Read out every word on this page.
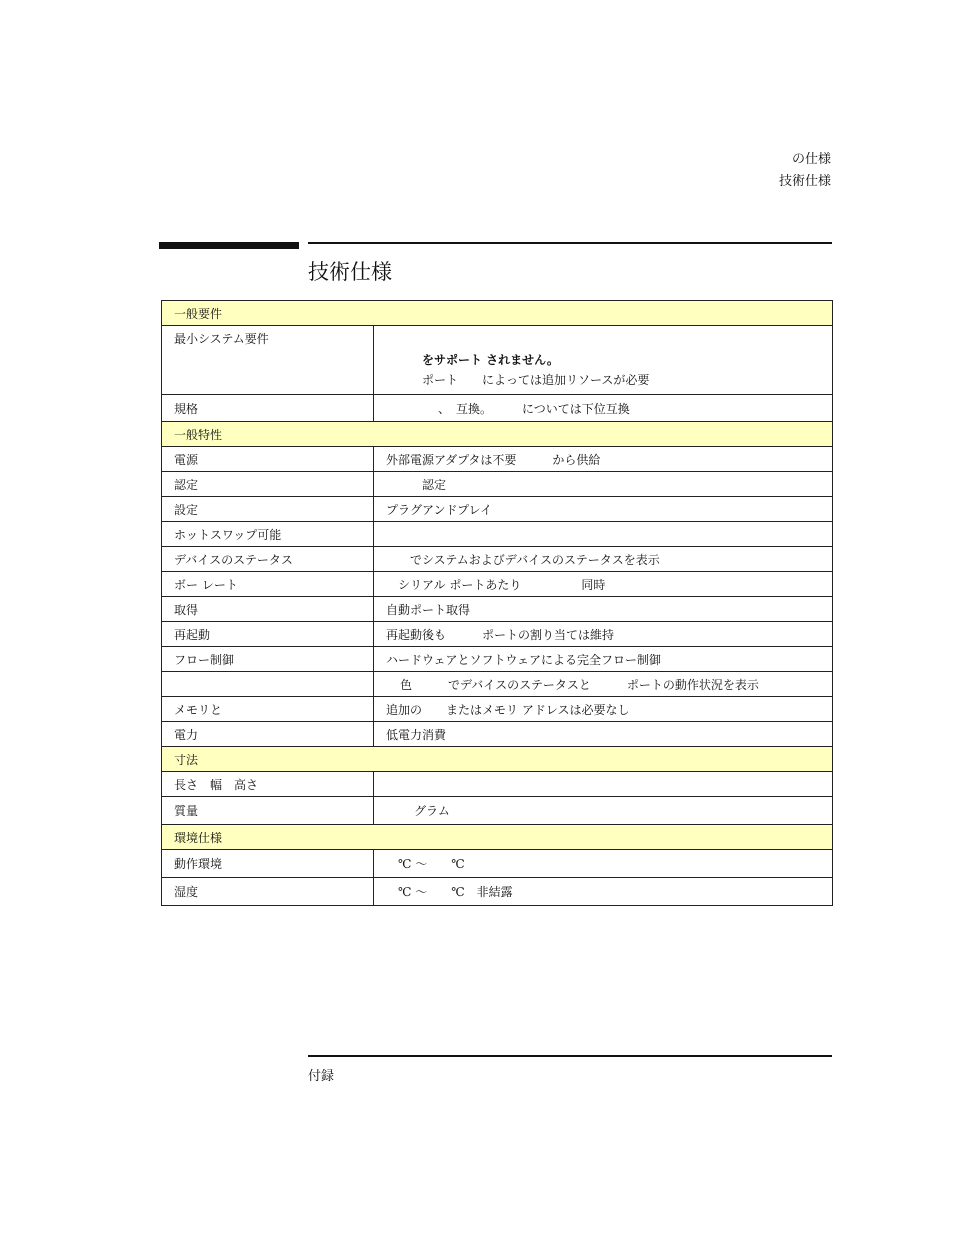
の仕様
技術仕様
技術仕様
一般要件	
最小システム要件	をサポート されません。
ポート　　によっては追加リソースが必要

規格	　、　互換。　　　については下位互換
一般特性	
電源	外部電源アダプタは不要　　　から供給
認定	　　　認定
設定	プラグアンドプレイ
ホットスワップ可能	
デバイスのステータス	　　でシステムおよびデバイスのステータスを表示
ボー レート	シリアル ポートあたり　　　　　同時
取得	自動ポート取得
再起動	再起動後も　　　ポートの割り当ては維持
フロー制御	ハードウェアとソフトウェアによる完全フロー制御
	色　　　でデバイスのステータスと　　　ポートの動作状況を表示
メモリと	追加の　　またはメモリ アドレスは必要なし
電力	低電力消費
寸法	
長さ　幅　高さ	
質量	グラム
環境仕様	
動作環境	℃ ～　　℃
湿度	℃ ～　　℃　非結露
付録
